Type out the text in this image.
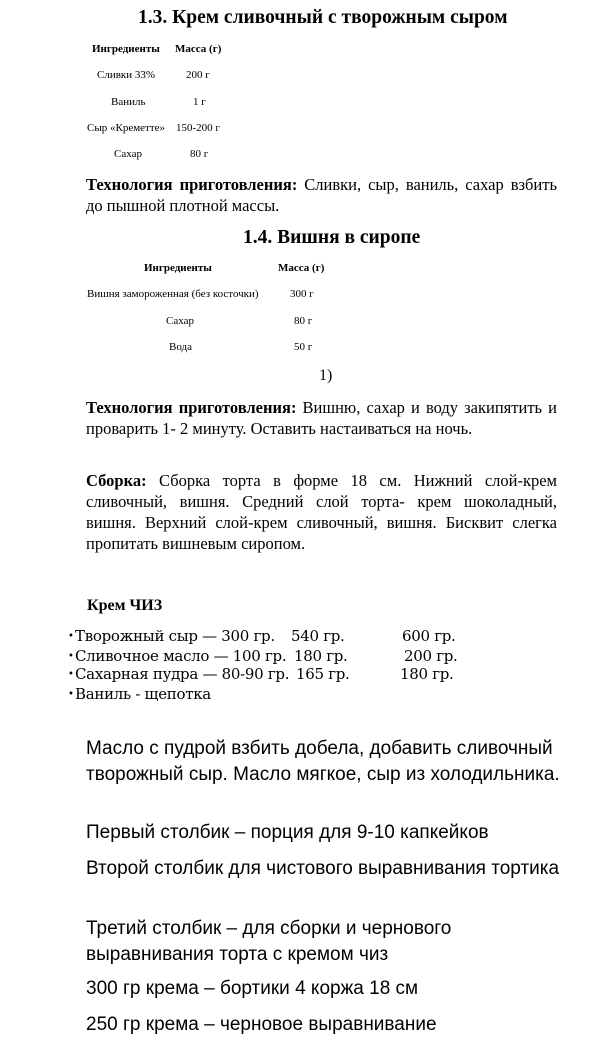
1.3. Крем сливочный с творожным сыром
Ингредиенты Масса (г)
Сливки 33%	200 г
Ваниль	1 г
Сыр «Креметте» 150-200 г
Сахар	80 г
Технология приготовления: Сливки, сыр, ваниль, сахар взбить до пышной плотной массы.
1.4. Вишня в сиропе
Ингредиенты	Масса (г)
Вишня замороженная (без косточки)	300 г
Сахар	80 г
Вода	50 г
1)
Технология приготовления: Вишню, сахар и воду закипятить и проварить 1- 2 минуту. Оставить настаиваться на ночь.
Сборка: Сборка торта в форме 18 см. Нижний слой-крем сливочный, вишня. Средний слой торта- крем шоколадный, вишня. Верхний слой-крем сливочный, вишня. Бисквит слегка пропитать вишневым сиропом.
Крем ЧИЗ
•Творожный сыр — 300 гр. 540 гр.	600 гр.
•Сливочное масло — 100 гр. 180 гр.	200 гр.
•Сахарная пудра — 80-90 гр. 165 гр.	180 гр.
•Ваниль - щепотка
Масло с пудрой взбить добела, добавить сливочный творожный сыр. Масло мягкое, сыр из холодильника.
Первый столбик – порция для 9-10 капкейков
Второй столбик для чистового выравнивания тортика
Третий столбик – для сборки и чернового выравнивания торта с кремом чиз
300 гр крема – бортики 4 коржа 18 см
250 гр крема – черновое выравнивание
